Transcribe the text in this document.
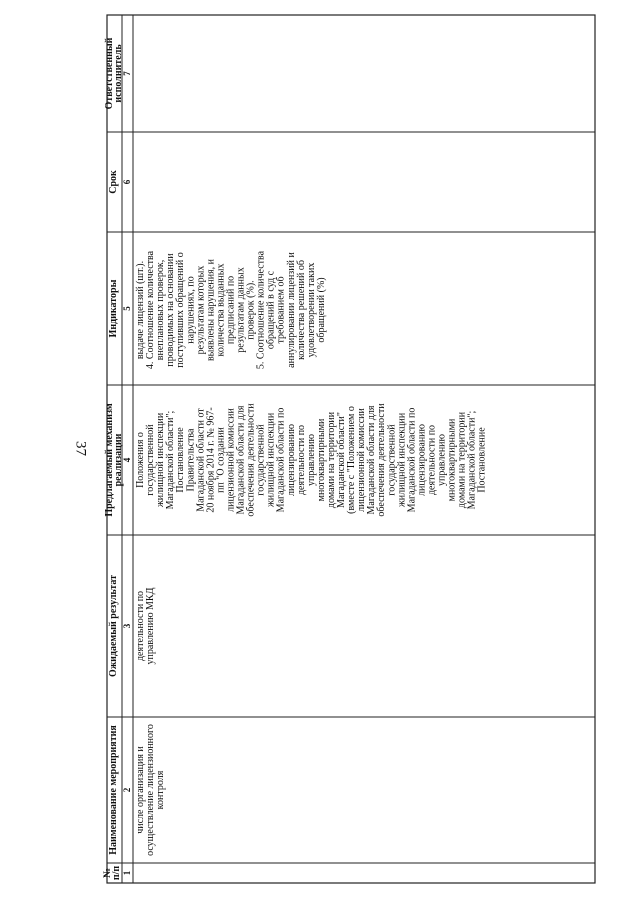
37
№
п/п
Наименование мероприятия
Ожидаемый результат
Предлагаемый механизм
реализации
Индикаторы
Срок
Ответственный
исполнитель
1
2
3
4
5
6
7
числе организация и осуществление лицензионного контроля
деятельности по управлению МКД
Положения о государственной жилищной инспекции Магаданской области"; Постановление Правительства Магаданской области от 20 ноября 2014 г. № 967- пп "О создании лицензионной комиссии Магаданской области для обеспечения деятельности государственной жилищной инспекции Магаданской области по лицензированию деятельности по управлению многоквартирными домами на территории Магаданской области" (вместе с "Положением о лицензионной комиссии Магаданской области для обеспечения деятельности государственной жилищной инспекции Магаданской области по лицензированию деятельности по управлению многоквартирными домами на территории Магаданской области"; Постановление
выдаче лицензий (шт.). 4. Соотношение количества внеплановых проверок, проводимых на основании поступивших обращений о нарушениях, по результатам которых выявлены нарушения, и количества выданных предписаний по результатам данных проверок (%). 5. Соотношение количества обращений в суд с требованием об аннулировании лицензий и количества решений об удовлетворении таких обращений (%)
